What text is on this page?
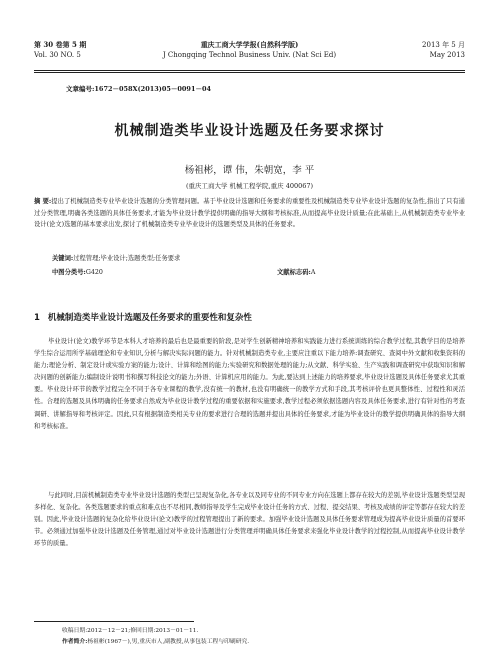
第 30 卷第 5 期
Vol. 30 NO. 5
重庆工商大学学报(自然科学版)
J Chongqing Technol Business Univ. (Nat Sci Ed)
2013 年 5 月
May 2013
文章编号:1672－058X(2013)05－0091－04
机械制造类毕业设计选题及任务要求探讨
杨祖彬，谭 伟，朱朝宽，李 平
(重庆工商大学 机械工程学院,重庆 400067)
摘 要:提出了机械制造类专业毕业设计选题的分类管理问题。基于毕业设计选题和任务要求的重要性及机械制造类专业毕业设计选题的复杂性,指出了只有通过分类管理,明确各类选题的具体任务要求,才能为毕业设计教学提供明确的指导大纲和考核标准,从而提高毕业设计质量;在此基础上,从机械制造类专业毕业设计(论文)选题的基本要求出发,探讨了机械制造类专业毕业设计的选题类型及具体的任务要求。
关键词:过程管理;毕业设计;选题类型;任务要求
中图分类号:G420	文献标志码:A
1 机械制造类毕业设计选题及任务要求的重要性和复杂性
毕业设计(论文)教学环节是本科人才培养的最后也是最重要的阶段,是对学生创新精神培养和实践能力进行系统训练的综合教学过程,其教学目的是培养学生综合运用所学基础理论和专业知识,分析与解决实际问题的能力。针对机械制造类专业,主要应注重以下能力培养:调查研究、查阅中外文献和收集资料的能力;理论分析、制定设计或实验方案的能力;设计、计算和绘图的能力;实验研究和数据处理的能力;从文献、科学实验、生产实践和调查研究中获取知识和解决问题的创新能力;编制设计说明书和撰写科技论文的能力;外语、计算机应用的能力。为此,要达到上述能力的培养要求,毕业设计选题及具体任务要求尤其重要。毕业设计环节的教学过程完全不同于各专业课程的教学,没有统一的教材,也没有明确统一的教学方式和手段,其考核评价也更具整体性、过程性和灵活性。合理的选题及具体明确的任务要求自然成为毕业设计教学过程的重要依据和实施要求,教学过程必须依据选题内容及具体任务要求,进行有针对性的考查调研、讲解指导和考核评定。因此,只有根据制造类相关专业的要求进行合理的选题并提出具体的任务要求,才能为毕业设计的教学提供明确具体的指导大纲和考核标准。
与此同时,目前机械制造类专业毕业设计选题的类型已呈现复杂化,各专业以及同专业的不同专业方向在选题上都存在较大的差别,毕业设计选题类型呈现多样化、复杂化。各类选题要求的重点和难点也不尽相同,教师指导及学生完成毕业设计任务的方式、过程、提交结果、考核及成绩的评定等都存在较大的差别。因此,毕业设计选题的复杂化给毕业设计(论文)教学的过程管理提出了新的要求。加强毕业设计选题及具体任务要求管理成为提高毕业设计质量的首要环节。必须通过加强毕业设计选题及任务管理,通过对毕业设计选题进行分类管理并明确具体任务要求来强化毕业设计教学的过程控制,从而提高毕业设计教学环节的质量。
收稿日期:2012－12－21;修回日期:2013－01－11.
作者简介:杨祖彬(1967－),男,重庆市人,副教授,从事包装工程与印刷研究.
